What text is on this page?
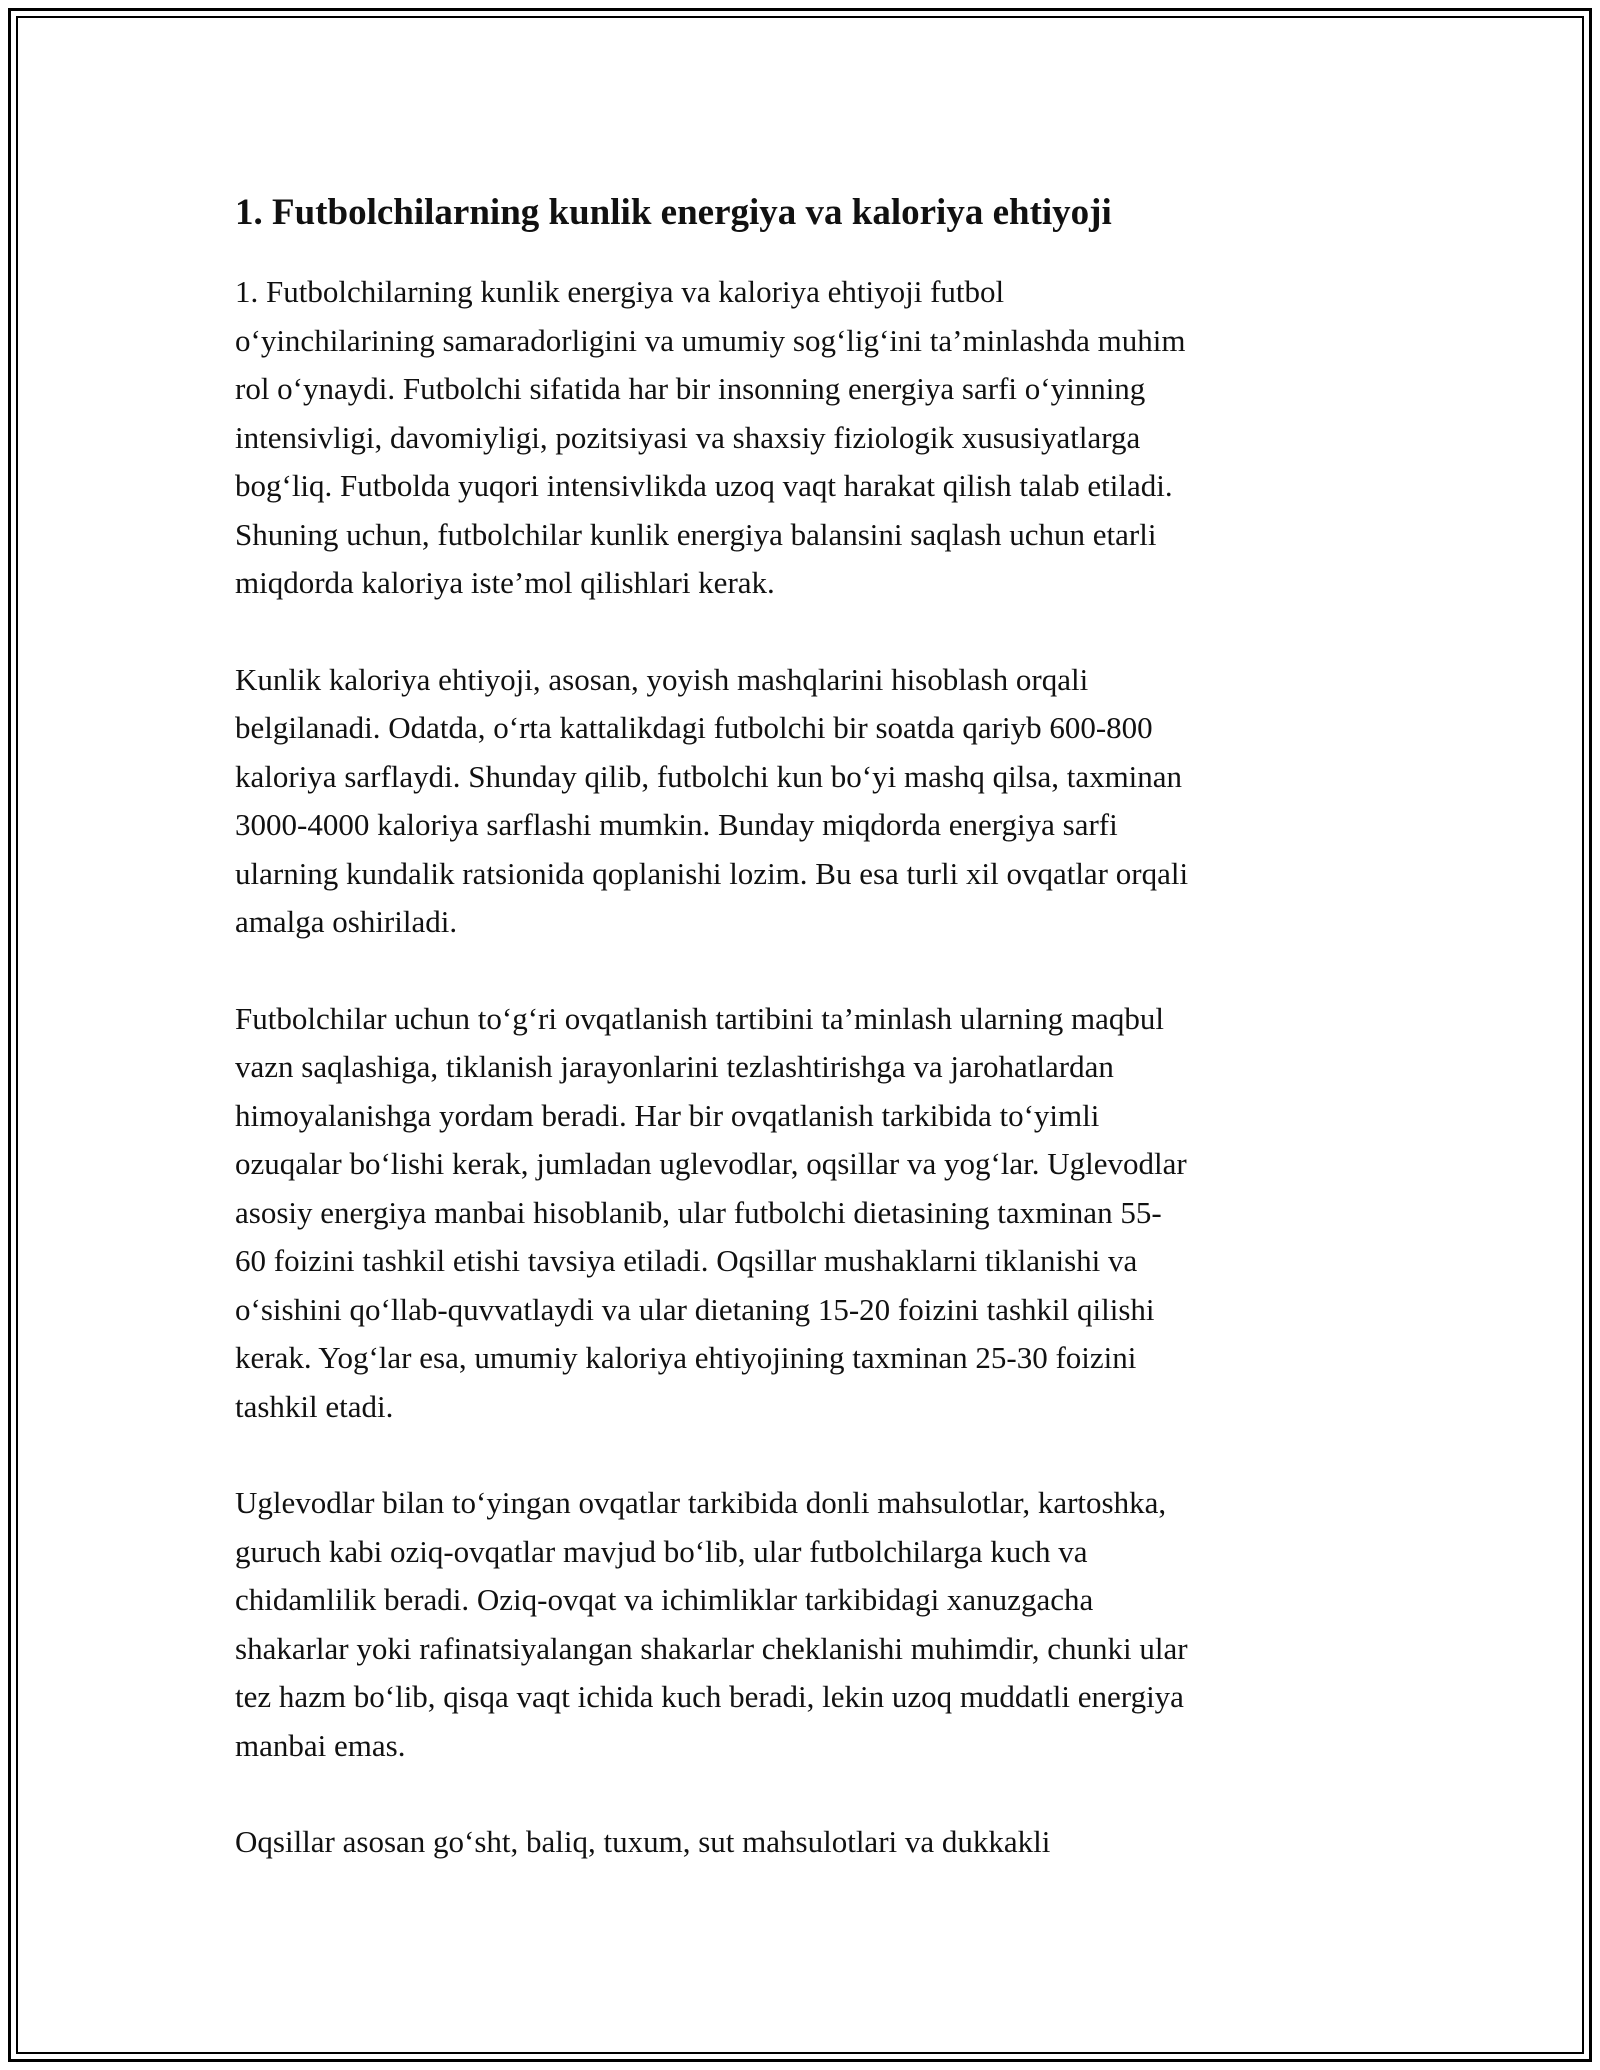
1. Futbolchilarning kunlik energiya va kaloriya ehtiyoji

1. Futbolchilarning kunlik energiya va kaloriya ehtiyoji futbol
o‘yinchilarining samaradorligini va umumiy sog‘lig‘ini ta’minlashda muhim
rol o‘ynaydi. Futbolchi sifatida har bir insonning energiya sarfi o‘yinning
intensivligi, davomiyligi, pozitsiyasi va shaxsiy fiziologik xususiyatlarga
bog‘liq. Futbolda yuqori intensivlikda uzoq vaqt harakat qilish talab etiladi.
Shuning uchun, futbolchilar kunlik energiya balansini saqlash uchun etarli
miqdorda kaloriya iste’mol qilishlari kerak.

Kunlik kaloriya ehtiyoji, asosan, yoyish mashqlarini hisoblash orqali
belgilanadi. Odatda, o‘rta kattalikdagi futbolchi bir soatda qariyb 600-800
kaloriya sarflaydi. Shunday qilib, futbolchi kun bo‘yi mashq qilsa, taxminan
3000-4000 kaloriya sarflashi mumkin. Bunday miqdorda energiya sarfi
ularning kundalik ratsionida qoplanishi lozim. Bu esa turli xil ovqatlar orqali
amalga oshiriladi.

Futbolchilar uchun to‘g‘ri ovqatlanish tartibini ta’minlash ularning maqbul
vazn saqlashiga, tiklanish jarayonlarini tezlashtirishga va jarohatlardan
himoyalanishga yordam beradi. Har bir ovqatlanish tarkibida to‘yimli
ozuqalar bo‘lishi kerak, jumladan uglevodlar, oqsillar va yog‘lar. Uglevodlar
asosiy energiya manbai hisoblanib, ular futbolchi dietasining taxminan 55-
60 foizini tashkil etishi tavsiya etiladi. Oqsillar mushaklarni tiklanishi va
o‘sishini qo‘llab-quvvatlaydi va ular dietaning 15-20 foizini tashkil qilishi
kerak. Yog‘lar esa, umumiy kaloriya ehtiyojining taxminan 25-30 foizini
tashkil etadi.

Uglevodlar bilan to‘yingan ovqatlar tarkibida donli mahsulotlar, kartoshka,
guruch kabi oziq-ovqatlar mavjud bo‘lib, ular futbolchilarga kuch va
chidamlilik beradi. Oziq-ovqat va ichimliklar tarkibidagi xanuzgacha
shakarlar yoki rafinatsiyalangan shakarlar cheklanishi muhimdir, chunki ular
tez hazm bo‘lib, qisqa vaqt ichida kuch beradi, lekin uzoq muddatli energiya
manbai emas.

Oqsillar asosan go‘sht, baliq, tuxum, sut mahsulotlari va dukkakli
